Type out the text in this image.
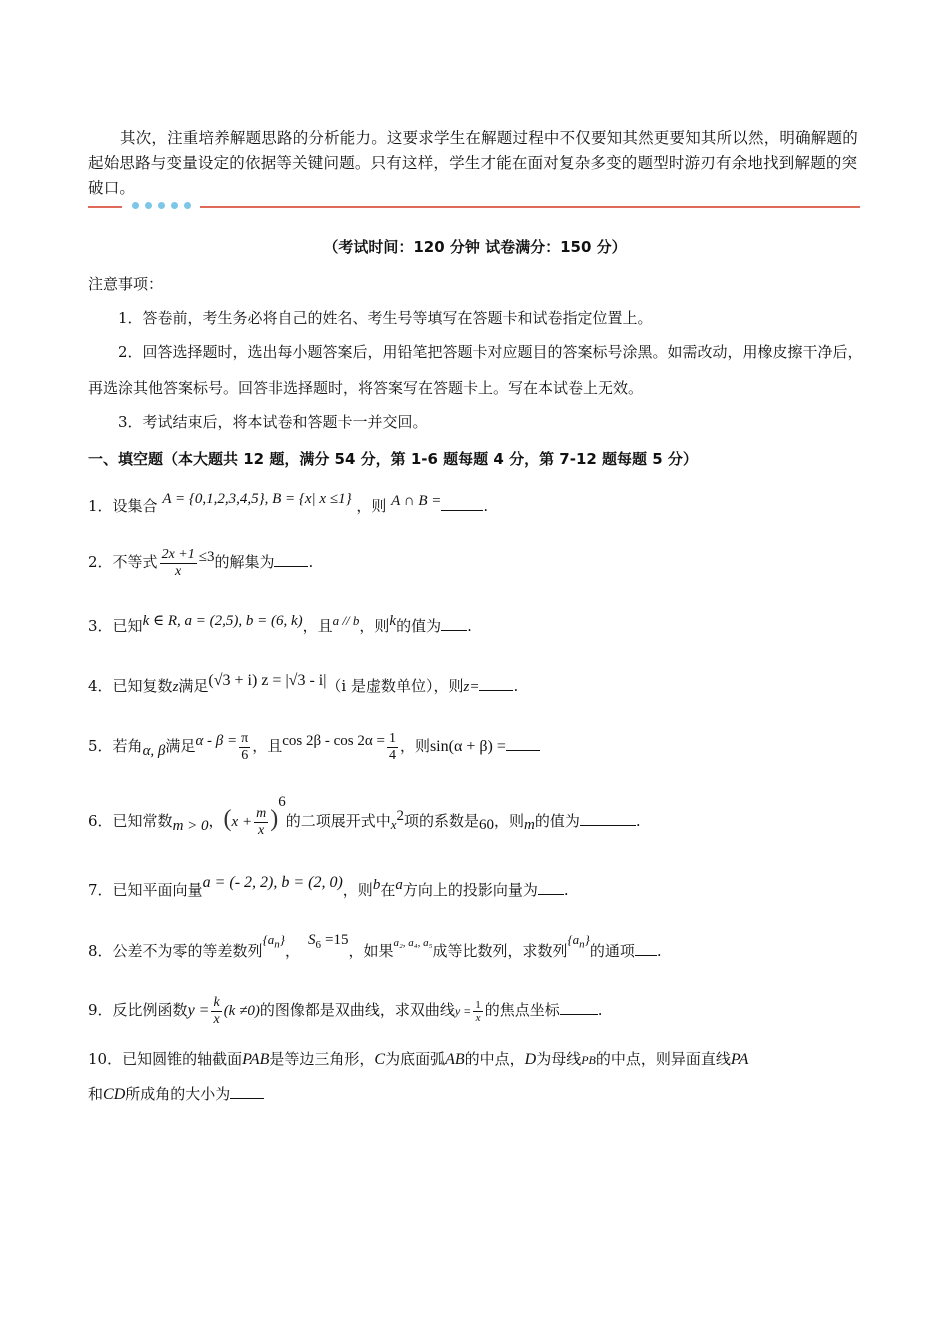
其次，注重培养解题思路的分析能力。这要求学生在解题过程中不仅要知其然更要知其所以然，明确解题的起始思路与变量设定的依据等关键问题。只有这样，学生才能在面对复杂多变的题型时游刃有余地找到解题的突破口。

（考试时间：120 分钟 试卷满分：150 分）
注意事项：
1．答卷前，考生务必将自己的姓名、考生号等填写在答题卡和试卷指定位置上。
2．回答选择题时，选出每小题答案后，用铅笔把答题卡对应题目的答案标号涂黑。如需改动，用橡皮擦干净后，再选涂其他答案标号。回答非选择题时，将答案写在答题卡上。写在本试卷上无效。
3．考试结束后，将本试卷和答题卡一并交回。
一、填空题（本大题共 12 题，满分 54 分，第 1-6 题每题 4 分，第 7-12 题每题 5 分）
1．设集合 A = {0,1,2,3,4,5}, B = {x| x ≤1} ，则 A ∩ B =	.
2．不等式 $\frac{2x +1}{x} \le 3$的解集为 .
3．已知k ∈ R, a = (2,5), b = (6, k)，且a // b，则k的值为 .
4．已知复数z满足(√3 + i) z = |√3 - i|（i 是虚数单位），则z= .
5．若角α, β满足$\alpha - \beta = \frac{\pi}{6}$ ，且$\cos 2\beta - \cos 2\alpha = \frac{1}{4}$ ，则sin(α + β) =
6．已知常数m > 0，$(x + \frac{m}{x} )^6$的二项展开式中$x^2$项的系数是60，则m的值为	.
7．已知平面向量a = (- 2, 2), b = (2, 0)，则b在a方向上的投影向量为 .
8．公差不为零的等差数列$\{a_n\}$，$S_6 =15$，如果$^{a_2, a_4, a_5}$成等比数列，求数列$\{a_n\}$的通项 .
9．反比例函数$y = \frac{k}{x} (k \ne 0)$的图像都是双曲线，求双曲线$y = \frac{1}{x}$ 的焦点坐标	.
10．已知圆锥的轴截面PAB是等边三角形，C为底面弧AB的中点，D为母线PB的中点，则异面直线PA
和CD所成角的大小为
